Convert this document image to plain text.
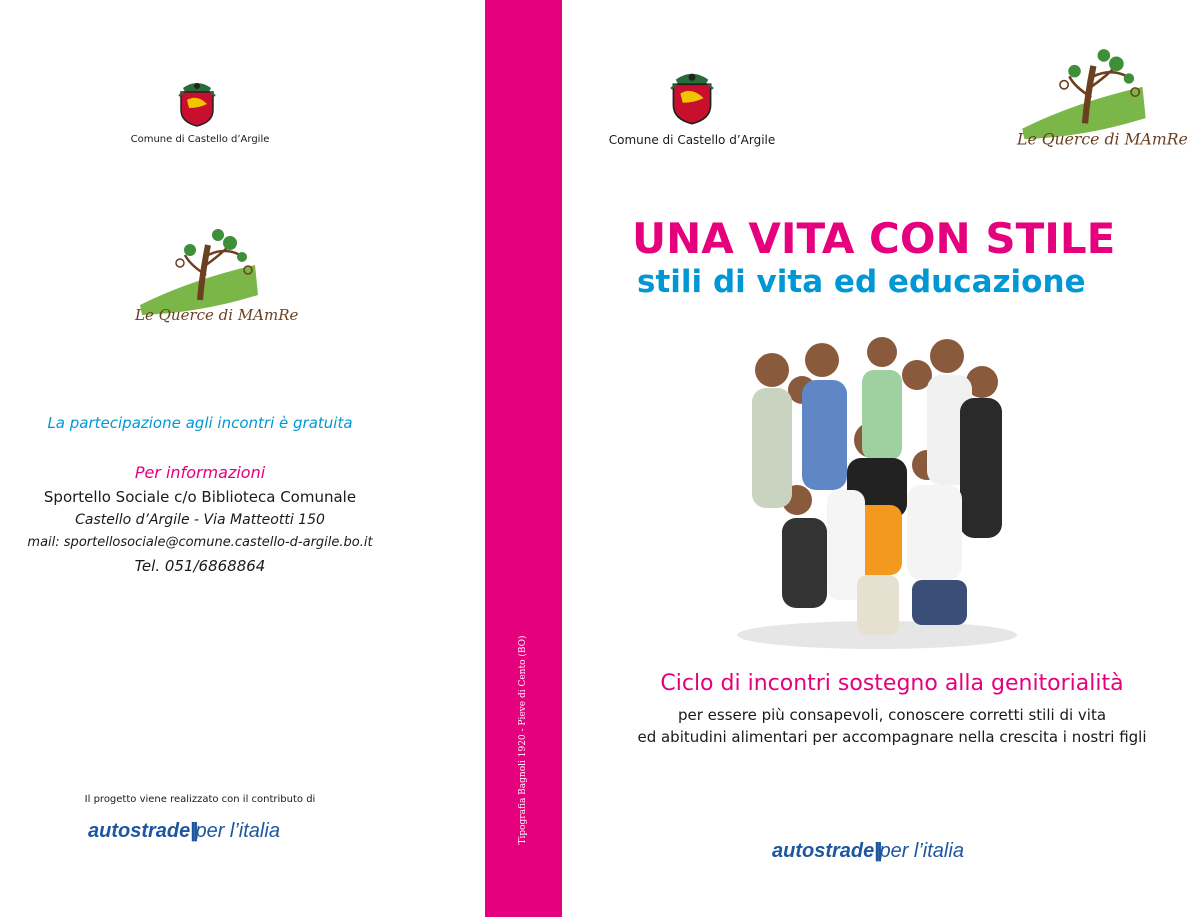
Comune di Castello d’Argile
Le Querce di MAmRe
La partecipazione agli incontri è gratuita
Per informazioni
Sportello Sociale c/o Biblioteca Comunale
Castello d’Argile - Via Matteotti 150
mail: sportellosociale@comune.castello-d-argile.bo.it
Tel. 051/6868864
Il progetto viene realizzato con il contributo di
autostrade||per l’italia	Tipografia Bagnoli 1920 - Pieve di Cento (BO)
Comune di Castello d’Argile	Le Querce di MAmRe
UNA VITA CON STILE
stili di vita ed educazione
Ciclo di incontri sostegno alla genitorialità
per essere più consapevoli, conoscere corretti stili di vita
ed abitudini alimentari per accompagnare nella crescita i nostri figli
autostrade||per l’italia
